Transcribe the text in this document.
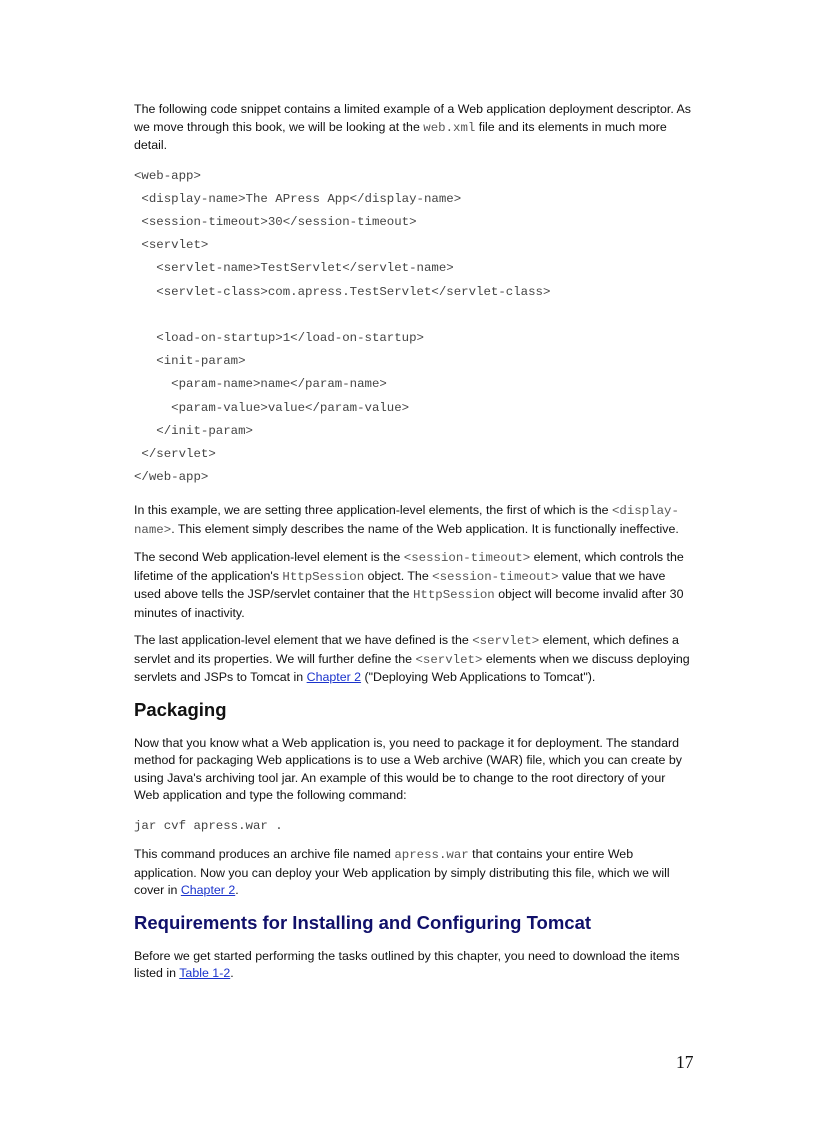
The following code snippet contains a limited example of a Web application deployment descriptor. As we move through this book, we will be looking at the web.xml file and its elements in much more detail.

<web-app>
<display-name>The APress App</display-name>
<session-timeout>30</session-timeout>
<servlet>
<servlet-name>TestServlet</servlet-name>
<servlet-class>com.apress.TestServlet</servlet-class>

<load-on-startup>1</load-on-startup>
<init-param>
<param-name>name</param-name>
<param-value>value</param-value>
</init-param>
</servlet>
</web-app>

In this example, we are setting three application-level elements, the first of which is the <display-name>. This element simply describes the name of the Web application. It is functionally ineffective.

The second Web application-level element is the <session-timeout> element, which controls the lifetime of the application's HttpSession object. The <session-timeout> value that we have used above tells the JSP/servlet container that the HttpSession object will become invalid after 30 minutes of inactivity.

The last application-level element that we have defined is the <servlet> element, which defines a servlet and its properties. We will further define the <servlet> elements when we discuss deploying servlets and JSPs to Tomcat in Chapter 2 ("Deploying Web Applications to Tomcat").

Packaging

Now that you know what a Web application is, you need to package it for deployment. The standard method for packaging Web applications is to use a Web archive (WAR) file, which you can create by using Java's archiving tool jar. An example of this would be to change to the root directory of your Web application and type the following command:

jar cvf apress.war .

This command produces an archive file named apress.war that contains your entire Web application. Now you can deploy your Web application by simply distributing this file, which we will cover in Chapter 2.

Requirements for Installing and Configuring Tomcat

Before we get started performing the tasks outlined by this chapter, you need to download the items listed in Table 1-2.

17
